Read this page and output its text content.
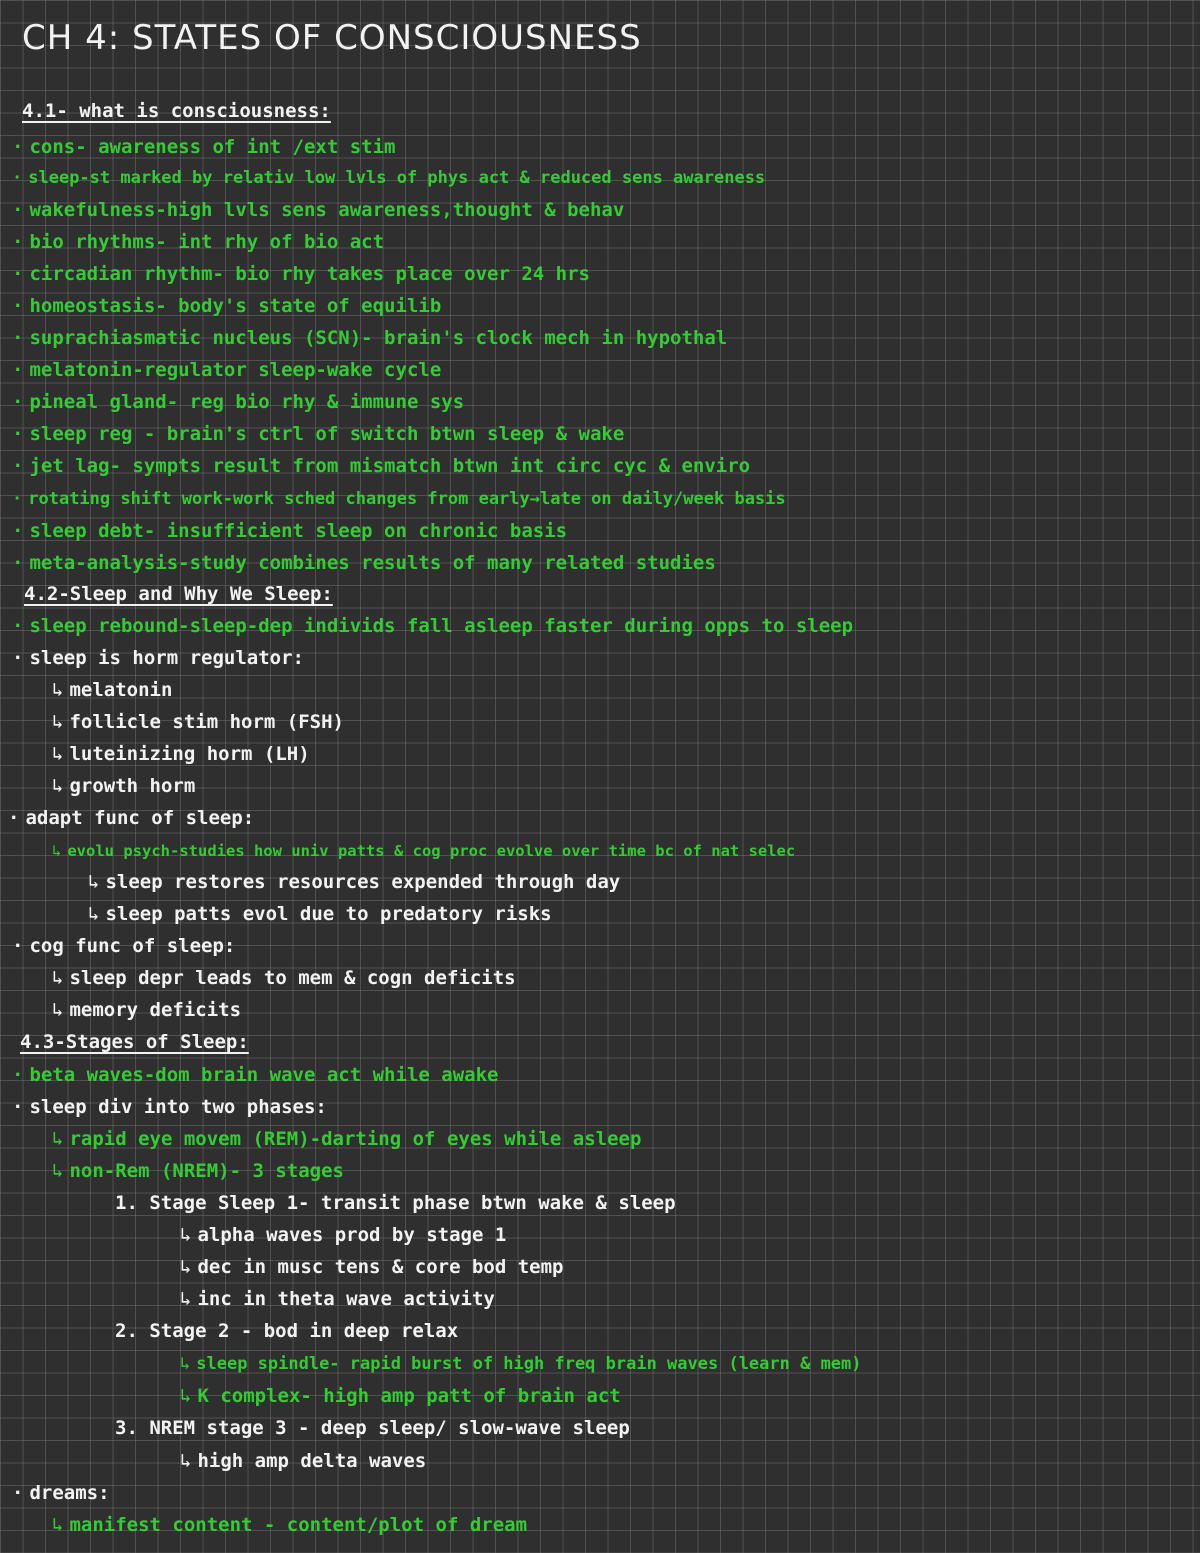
CH 4: STATES OF CONSCIOUSNESS
4.1- what is consciousness:
· cons- awareness of int /ext stim
· sleep-st marked by relativ low lvls of phys act & reduced sens awareness
· wakefulness-high lvls sens awareness,thought & behav
· bio rhythms- int rhy of bio act
· circadian rhythm- bio rhy takes place over 24 hrs
· homeostasis- body's state of equilib
· suprachiasmatic nucleus (SCN)- brain's clock mech in hypothal
· melatonin-regulator sleep-wake cycle
· pineal gland- reg bio rhy & immune sys
· sleep reg - brain's ctrl of switch btwn sleep & wake
· jet lag- sympts result from mismatch btwn int circ cyc & enviro
· rotating shift work-work sched changes from early→late on daily/week basis
· sleep debt- insufficient sleep on chronic basis
· meta-analysis-study combines results of many related studies
4.2-Sleep and Why We Sleep:
· sleep rebound-sleep-dep individs fall asleep faster during opps to sleep
· sleep is horm regulator:
↳ melatonin
↳ follicle stim horm (FSH)
↳ luteinizing horm (LH)
↳ growth horm
· adapt func of sleep:
↳ evolu psych-studies how univ patts & cog proc evolve over time bc of nat selec
↳ sleep restores resources expended through day
↳ sleep patts evol due to predatory risks
· cog func of sleep:
↳ sleep depr leads to mem & cogn deficits
↳ memory deficits
4.3-Stages of Sleep:
· beta waves-dom brain wave act while awake
· sleep div into two phases:
↳ rapid eye movem (REM)-darting of eyes while asleep
↳ non-Rem (NREM)- 3 stages
1. Stage Sleep 1- transit phase btwn wake & sleep
↳ alpha waves prod by stage 1
↳ dec in musc tens & core bod temp
↳ inc in theta wave activity
2. Stage 2 - bod in deep relax
↳ sleep spindle- rapid burst of high freq brain waves (learn & mem)
↳ K complex- high amp patt of brain act
3. NREM stage 3 - deep sleep/ slow-wave sleep
↳ high amp delta waves
· dreams:
↳ manifest content - content/plot of dream
